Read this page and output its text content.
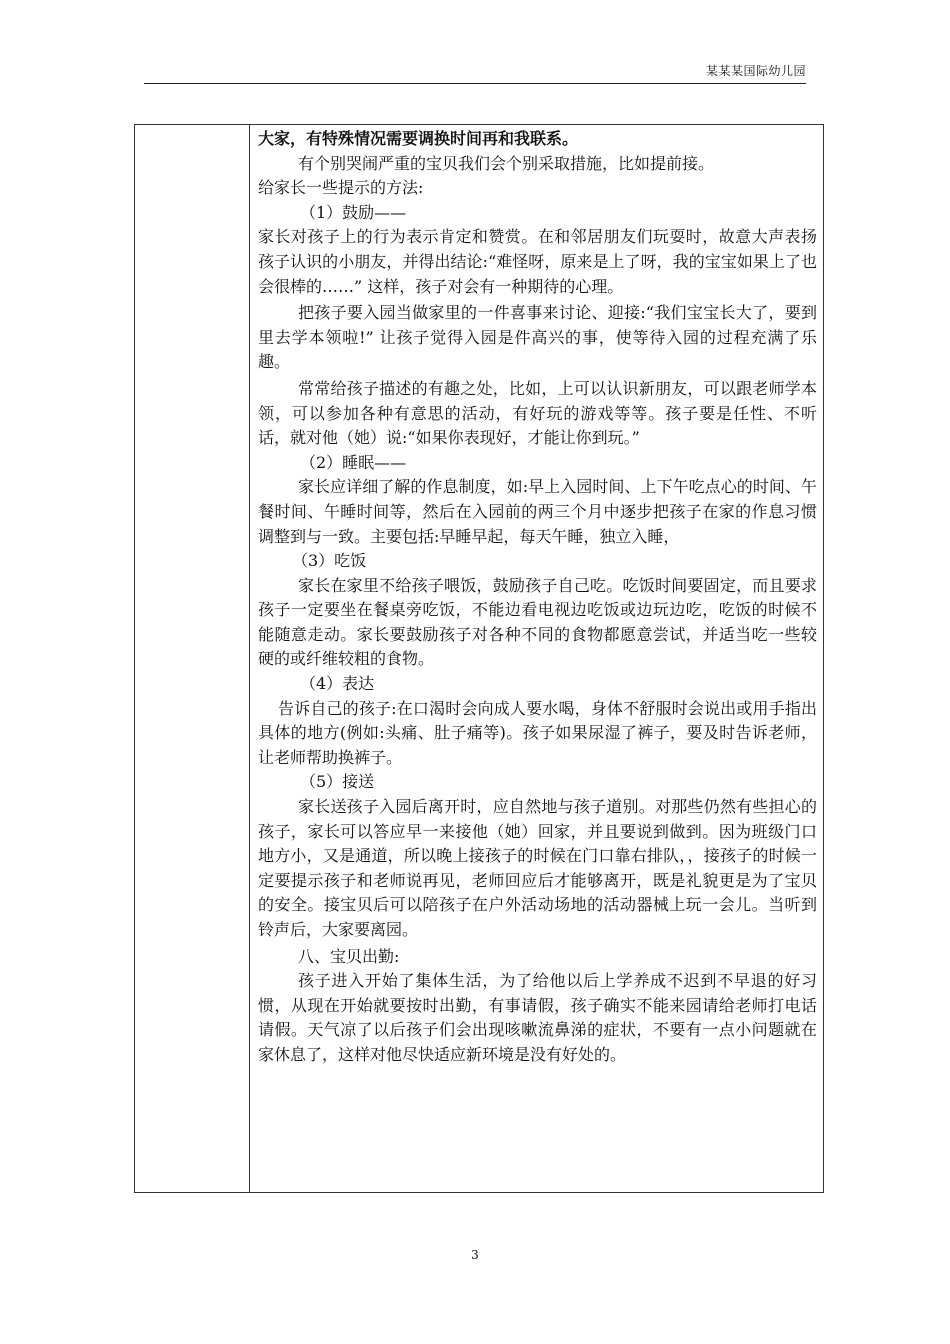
某某某国际幼儿园

大家，有特殊情况需要调换时间再和我联系。

有个别哭闹严重的宝贝我们会个别采取措施，比如提前接。

给家长一些提示的方法:

（1）鼓励——

家长对孩子上的行为表示肯定和赞赏。在和邻居朋友们玩耍时，故意大声表扬孩子认识的小朋友，并得出结论:“难怪呀，原来是上了呀，我的宝宝如果上了也会很棒的……” 这样，孩子对会有一种期待的心理。

把孩子要入园当做家里的一件喜事来讨论、迎接:“我们宝宝长大了，要到里去学本领啦!” 让孩子觉得入园是件高兴的事，使等待入园的过程充满了乐趣。

常常给孩子描述的有趣之处，比如，上可以认识新朋友，可以跟老师学本领，可以参加各种有意思的活动，有好玩的游戏等等。孩子要是任性、不听话，就对他（她）说:“如果你表现好，才能让你到玩。”

（2）睡眠——

家长应详细了解的作息制度，如:早上入园时间、上下午吃点心的时间、午餐时间、午睡时间等，然后在入园前的两三个月中逐步把孩子在家的作息习惯调整到与一致。主要包括:早睡早起，每天午睡，独立入睡，

（3）吃饭

家长在家里不给孩子喂饭，鼓励孩子自己吃。吃饭时间要固定，而且要求孩子一定要坐在餐桌旁吃饭，不能边看电视边吃饭或边玩边吃，吃饭的时候不能随意走动。家长要鼓励孩子对各种不同的食物都愿意尝试，并适当吃一些较硬的或纤维较粗的食物。

（4）表达

告诉自己的孩子:在口渴时会向成人要水喝，身体不舒服时会说出或用手指出具体的地方(例如:头痛、肚子痛等)。孩子如果尿湿了裤子，要及时告诉老师，让老师帮助换裤子。

（5）接送

家长送孩子入园后离开时，应自然地与孩子道别。对那些仍然有些担心的孩子，家长可以答应早一来接他（她）回家，并且要说到做到。因为班级门口地方小，又是通道，所以晚上接孩子的时候在门口靠右排队，，接孩子的时候一定要提示孩子和老师说再见，老师回应后才能够离开，既是礼貌更是为了宝贝的安全。接宝贝后可以陪孩子在户外活动场地的活动器械上玩一会儿。当听到铃声后，大家要离园。

八、宝贝出勤:

孩子进入开始了集体生活，为了给他以后上学养成不迟到不早退的好习惯，从现在开始就要按时出勤，有事请假，孩子确实不能来园请给老师打电话请假。天气凉了以后孩子们会出现咳嗽流鼻涕的症状，不要有一点小问题就在家休息了，这样对他尽快适应新环境是没有好处的。

3
